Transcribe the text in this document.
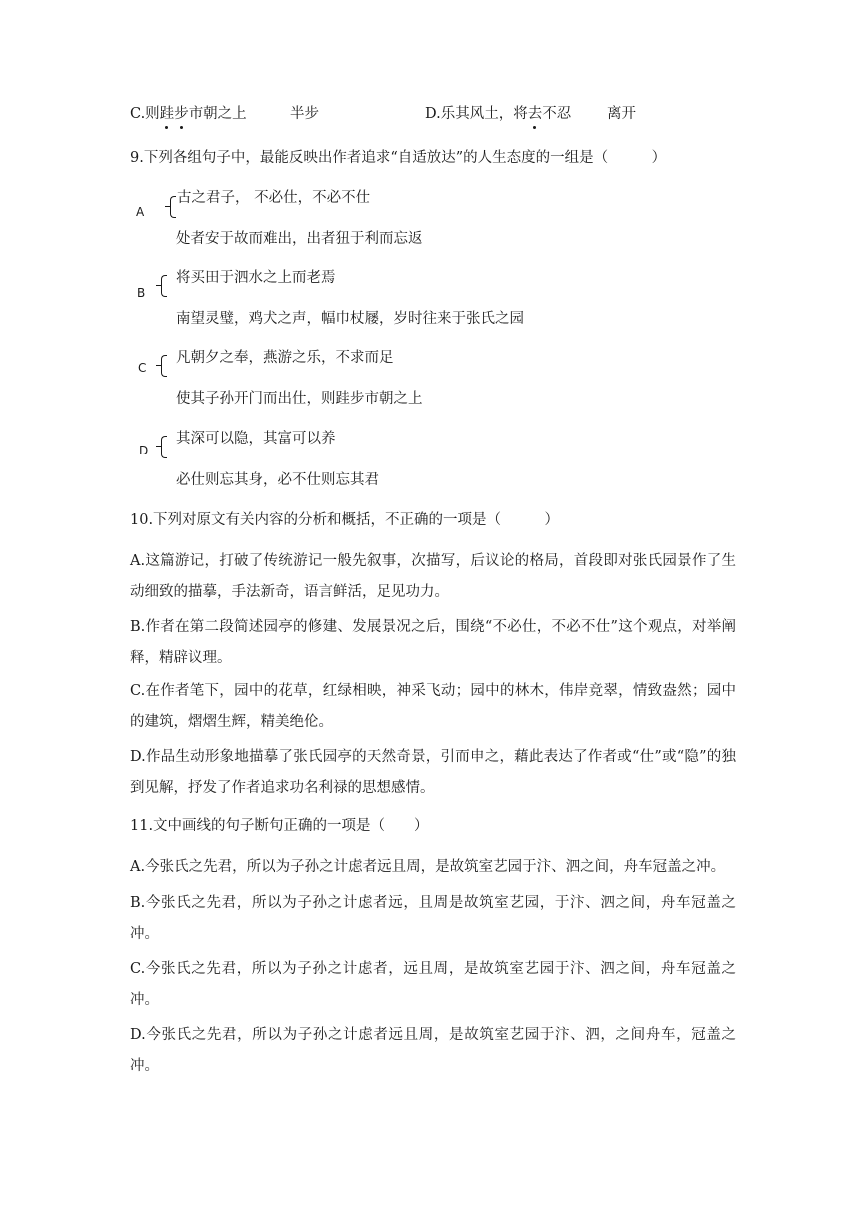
C.则跬步市朝之上	半步	D.乐其风土，将去不忍 离开
9.下列各组句子中，最能反映出作者追求“自适放达”的人生态度的一组是（　　　）
A
古之君子， 不必仕，不必不仕
处者安于故而难出，出者狃于利而忘返
B
将买田于泗水之上而老焉
南望灵璧，鸡犬之声，幅巾杖屦，岁时往来于张氏之园
C
凡朝夕之奉，燕游之乐，不求而足
使其子孙开门而出仕，则跬步市朝之上
D
其深可以隐，其富可以养
必仕则忘其身，必不仕则忘其君
10.下列对原文有关内容的分析和概括，不正确的一项是（　　　）
A.这篇游记，打破了传统游记一般先叙事，次描写，后议论的格局，首段即对张氏园景作了生动细致的描摹，手法新奇，语言鲜活，足见功力。
B.作者在第二段简述园亭的修建、发展景况之后，围绕“不必仕，不必不仕”这个观点，对举阐释，精辟议理。
C.在作者笔下，园中的花草，红绿相映，神采飞动；园中的林木，伟岸竞翠，情致盎然；园中的建筑，熠熠生辉，精美绝伦。
D.作品生动形象地描摹了张氏园亭的天然奇景，引而申之，藉此表达了作者或“仕”或“隐”的独到见解，抒发了作者追求功名利禄的思想感情。
11.文中画线的句子断句正确的一项是（　　）
A.今张氏之先君，所以为子孙之计虑者远且周，是故筑室艺园于汴、泗之间，舟车冠盖之冲。
B.今张氏之先君，所以为子孙之计虑者远，且周是故筑室艺园，于汴、泗之间，舟车冠盖之冲。
C.今张氏之先君，所以为子孙之计虑者，远且周，是故筑室艺园于汴、泗之间，舟车冠盖之冲。
D.今张氏之先君，所以为子孙之计虑者远且周，是故筑室艺园于汴、泗，之间舟车，冠盖之冲。
